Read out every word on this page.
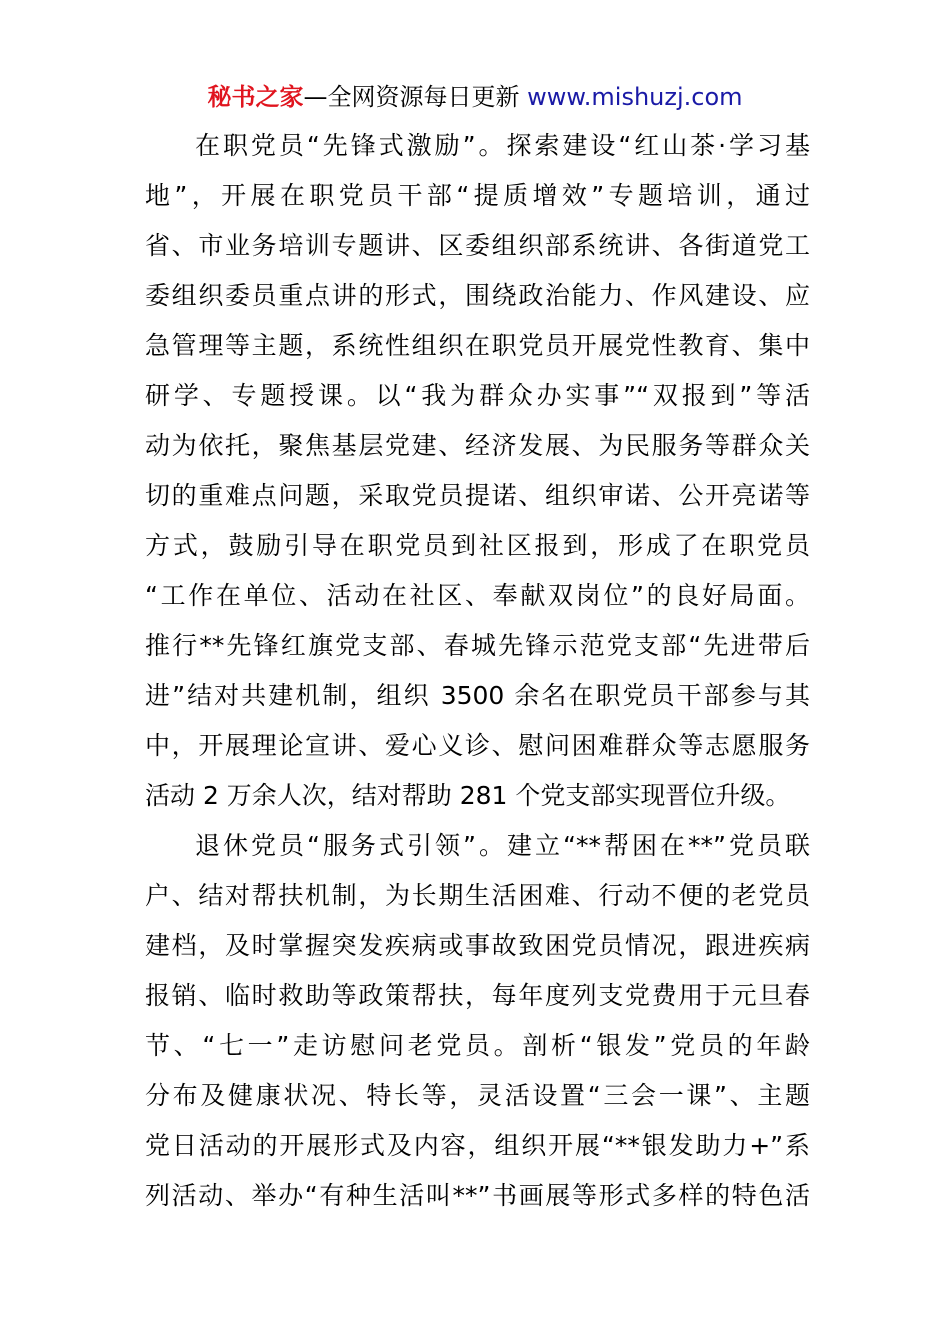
秘书之家—全网资源每日更新 www.mishuzj.com
在职党员“先锋式激励”。探索建设“红山茶·学习基
地”，开展在职党员干部“提质增效”专题培训，通过
省、市业务培训专题讲、区委组织部系统讲、各街道党工
委组织委员重点讲的形式，围绕政治能力、作风建设、应
急管理等主题，系统性组织在职党员开展党性教育、集中
研学、专题授课。以“我为群众办实事”“双报到”等活
动为依托，聚焦基层党建、经济发展、为民服务等群众关
切的重难点问题，采取党员提诺、组织审诺、公开亮诺等
方式，鼓励引导在职党员到社区报到，形成了在职党员
“工作在单位、活动在社区、奉献双岗位”的良好局面。
推行**先锋红旗党支部、春城先锋示范党支部“先进带后
进”结对共建机制，组织 3500 余名在职党员干部参与其
中，开展理论宣讲、爱心义诊、慰问困难群众等志愿服务
活动 2 万余人次，结对帮助 281 个党支部实现晋位升级。
退休党员“服务式引领”。建立“**帮困在**”党员联
户、结对帮扶机制，为长期生活困难、行动不便的老党员
建档，及时掌握突发疾病或事故致困党员情况，跟进疾病
报销、临时救助等政策帮扶，每年度列支党费用于元旦春
节、“七一”走访慰问老党员。剖析“银发”党员的年龄
分布及健康状况、特长等，灵活设置“三会一课”、主题
党日活动的开展形式及内容，组织开展“**银发助力+”系
列活动、举办“有种生活叫**”书画展等形式多样的特色活
